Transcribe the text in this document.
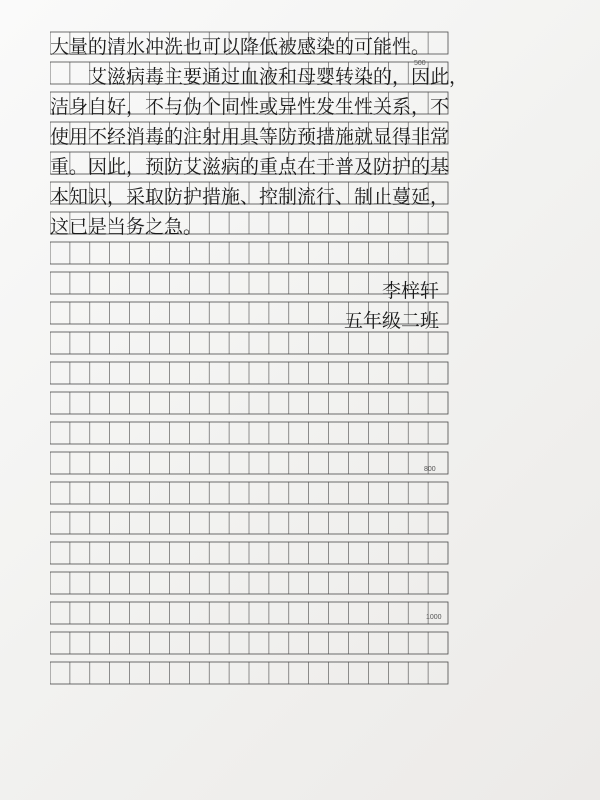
大量的清水冲洗也可以降低被感染的可能性。
　　艾滋病毒主要通过血液和母婴转染的，因此，
洁身自好，不与伪个同性或异性发生性关系，不
使用不经消毒的注射用具等防预措施就显得非常
重。因此，预防艾滋病的重点在于普及防护的基
本知识，采取防护措施、控制流行、制止蔓延，
这已是当务之急。
李梓轩
五年级二班
500
800
1000
